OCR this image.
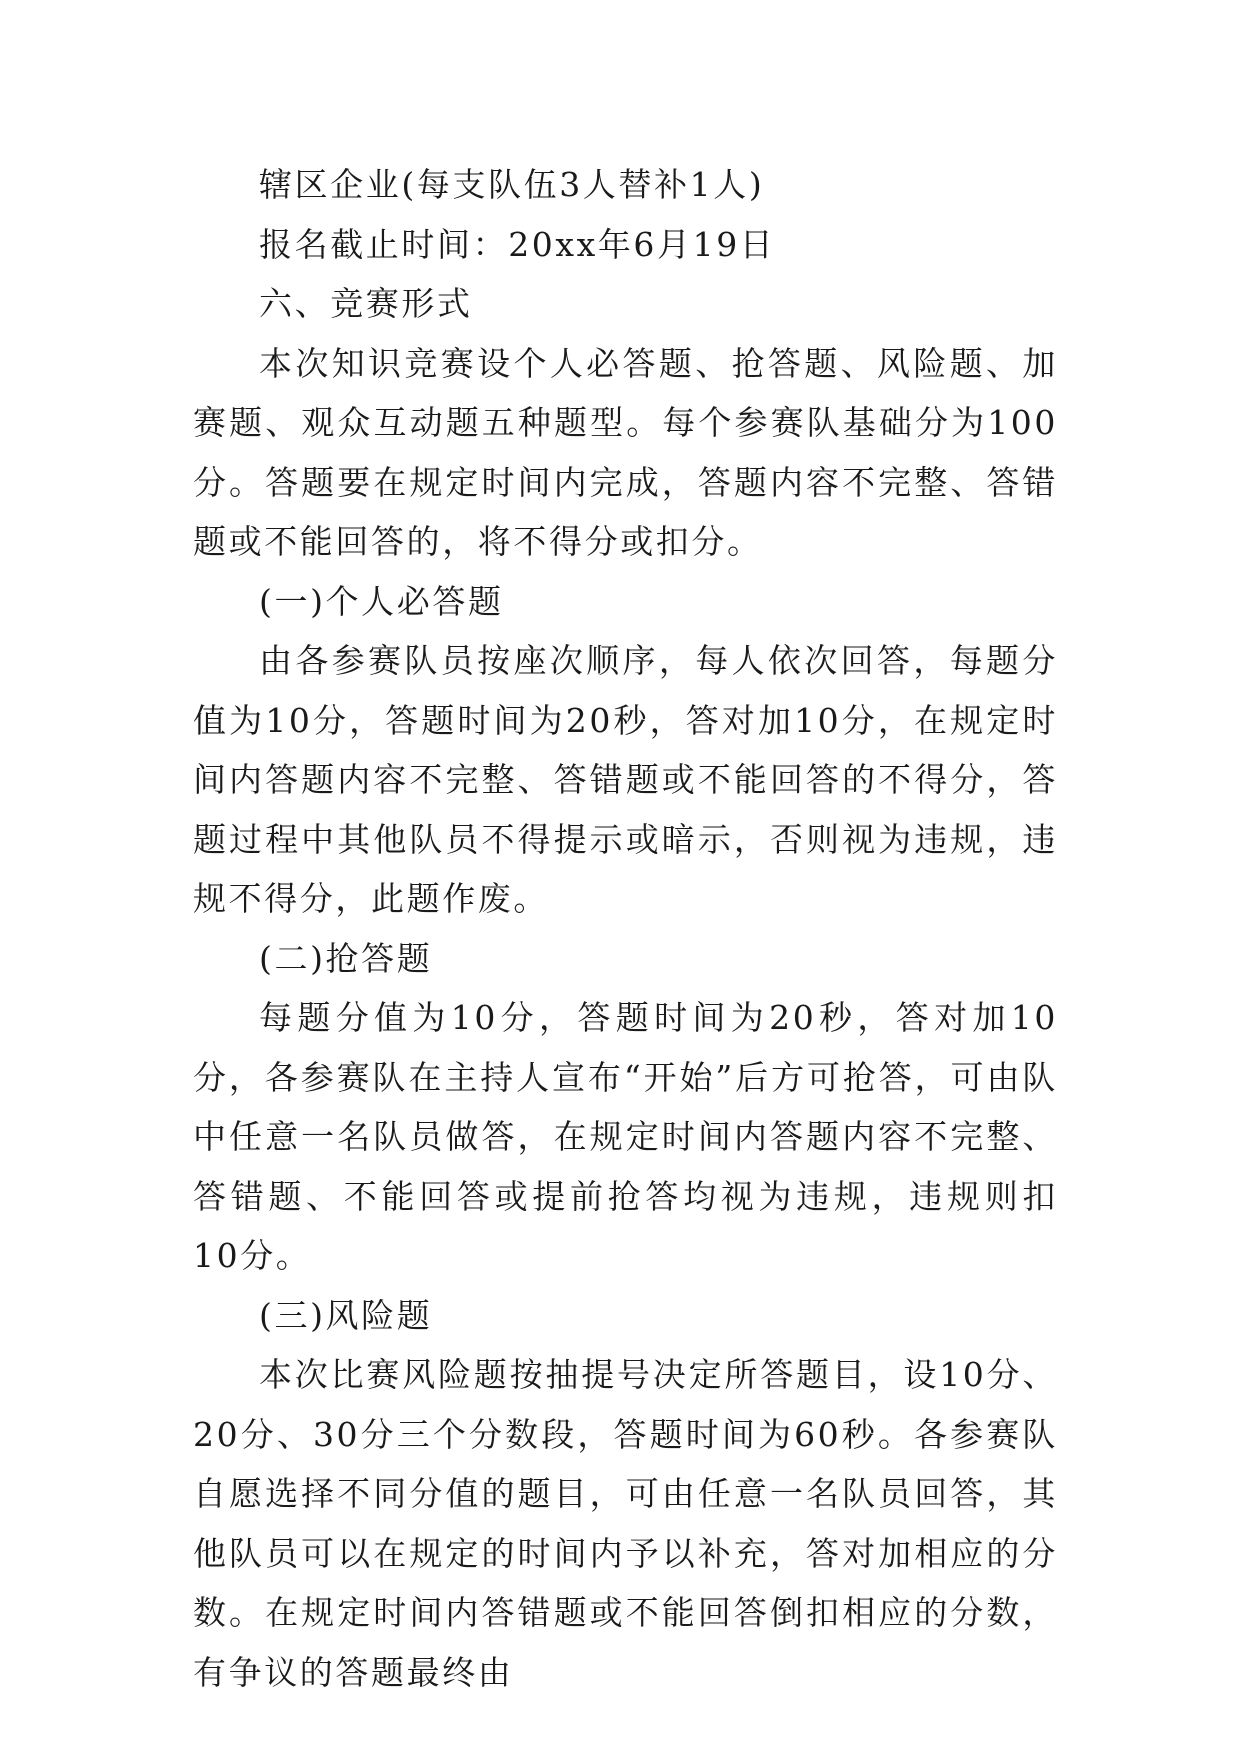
辖区企业(每支队伍3人替补1人)

报名截止时间：20xx年6月19日

六、竞赛形式

本次知识竞赛设个人必答题、抢答题、风险题、加赛题、观众互动题五种题型。每个参赛队基础分为100分。答题要在规定时间内完成，答题内容不完整、答错题或不能回答的，将不得分或扣分。

(一)个人必答题

由各参赛队员按座次顺序，每人依次回答，每题分值为10分，答题时间为20秒，答对加10分，在规定时间内答题内容不完整、答错题或不能回答的不得分，答题过程中其他队员不得提示或暗示，否则视为违规，违规不得分，此题作废。

(二)抢答题

每题分值为10分，答题时间为20秒，答对加10分，各参赛队在主持人宣布“开始”后方可抢答，可由队中任意一名队员做答，在规定时间内答题内容不完整、答错题、不能回答或提前抢答均视为违规，违规则扣10分。

(三)风险题

本次比赛风险题按抽提号决定所答题目，设10分、20分、30分三个分数段，答题时间为60秒。各参赛队自愿选择不同分值的题目，可由任意一名队员回答，其他队员可以在规定的时间内予以补充，答对加相应的分数。在规定时间内答错题或不能回答倒扣相应的分数，有争议的答题最终由
